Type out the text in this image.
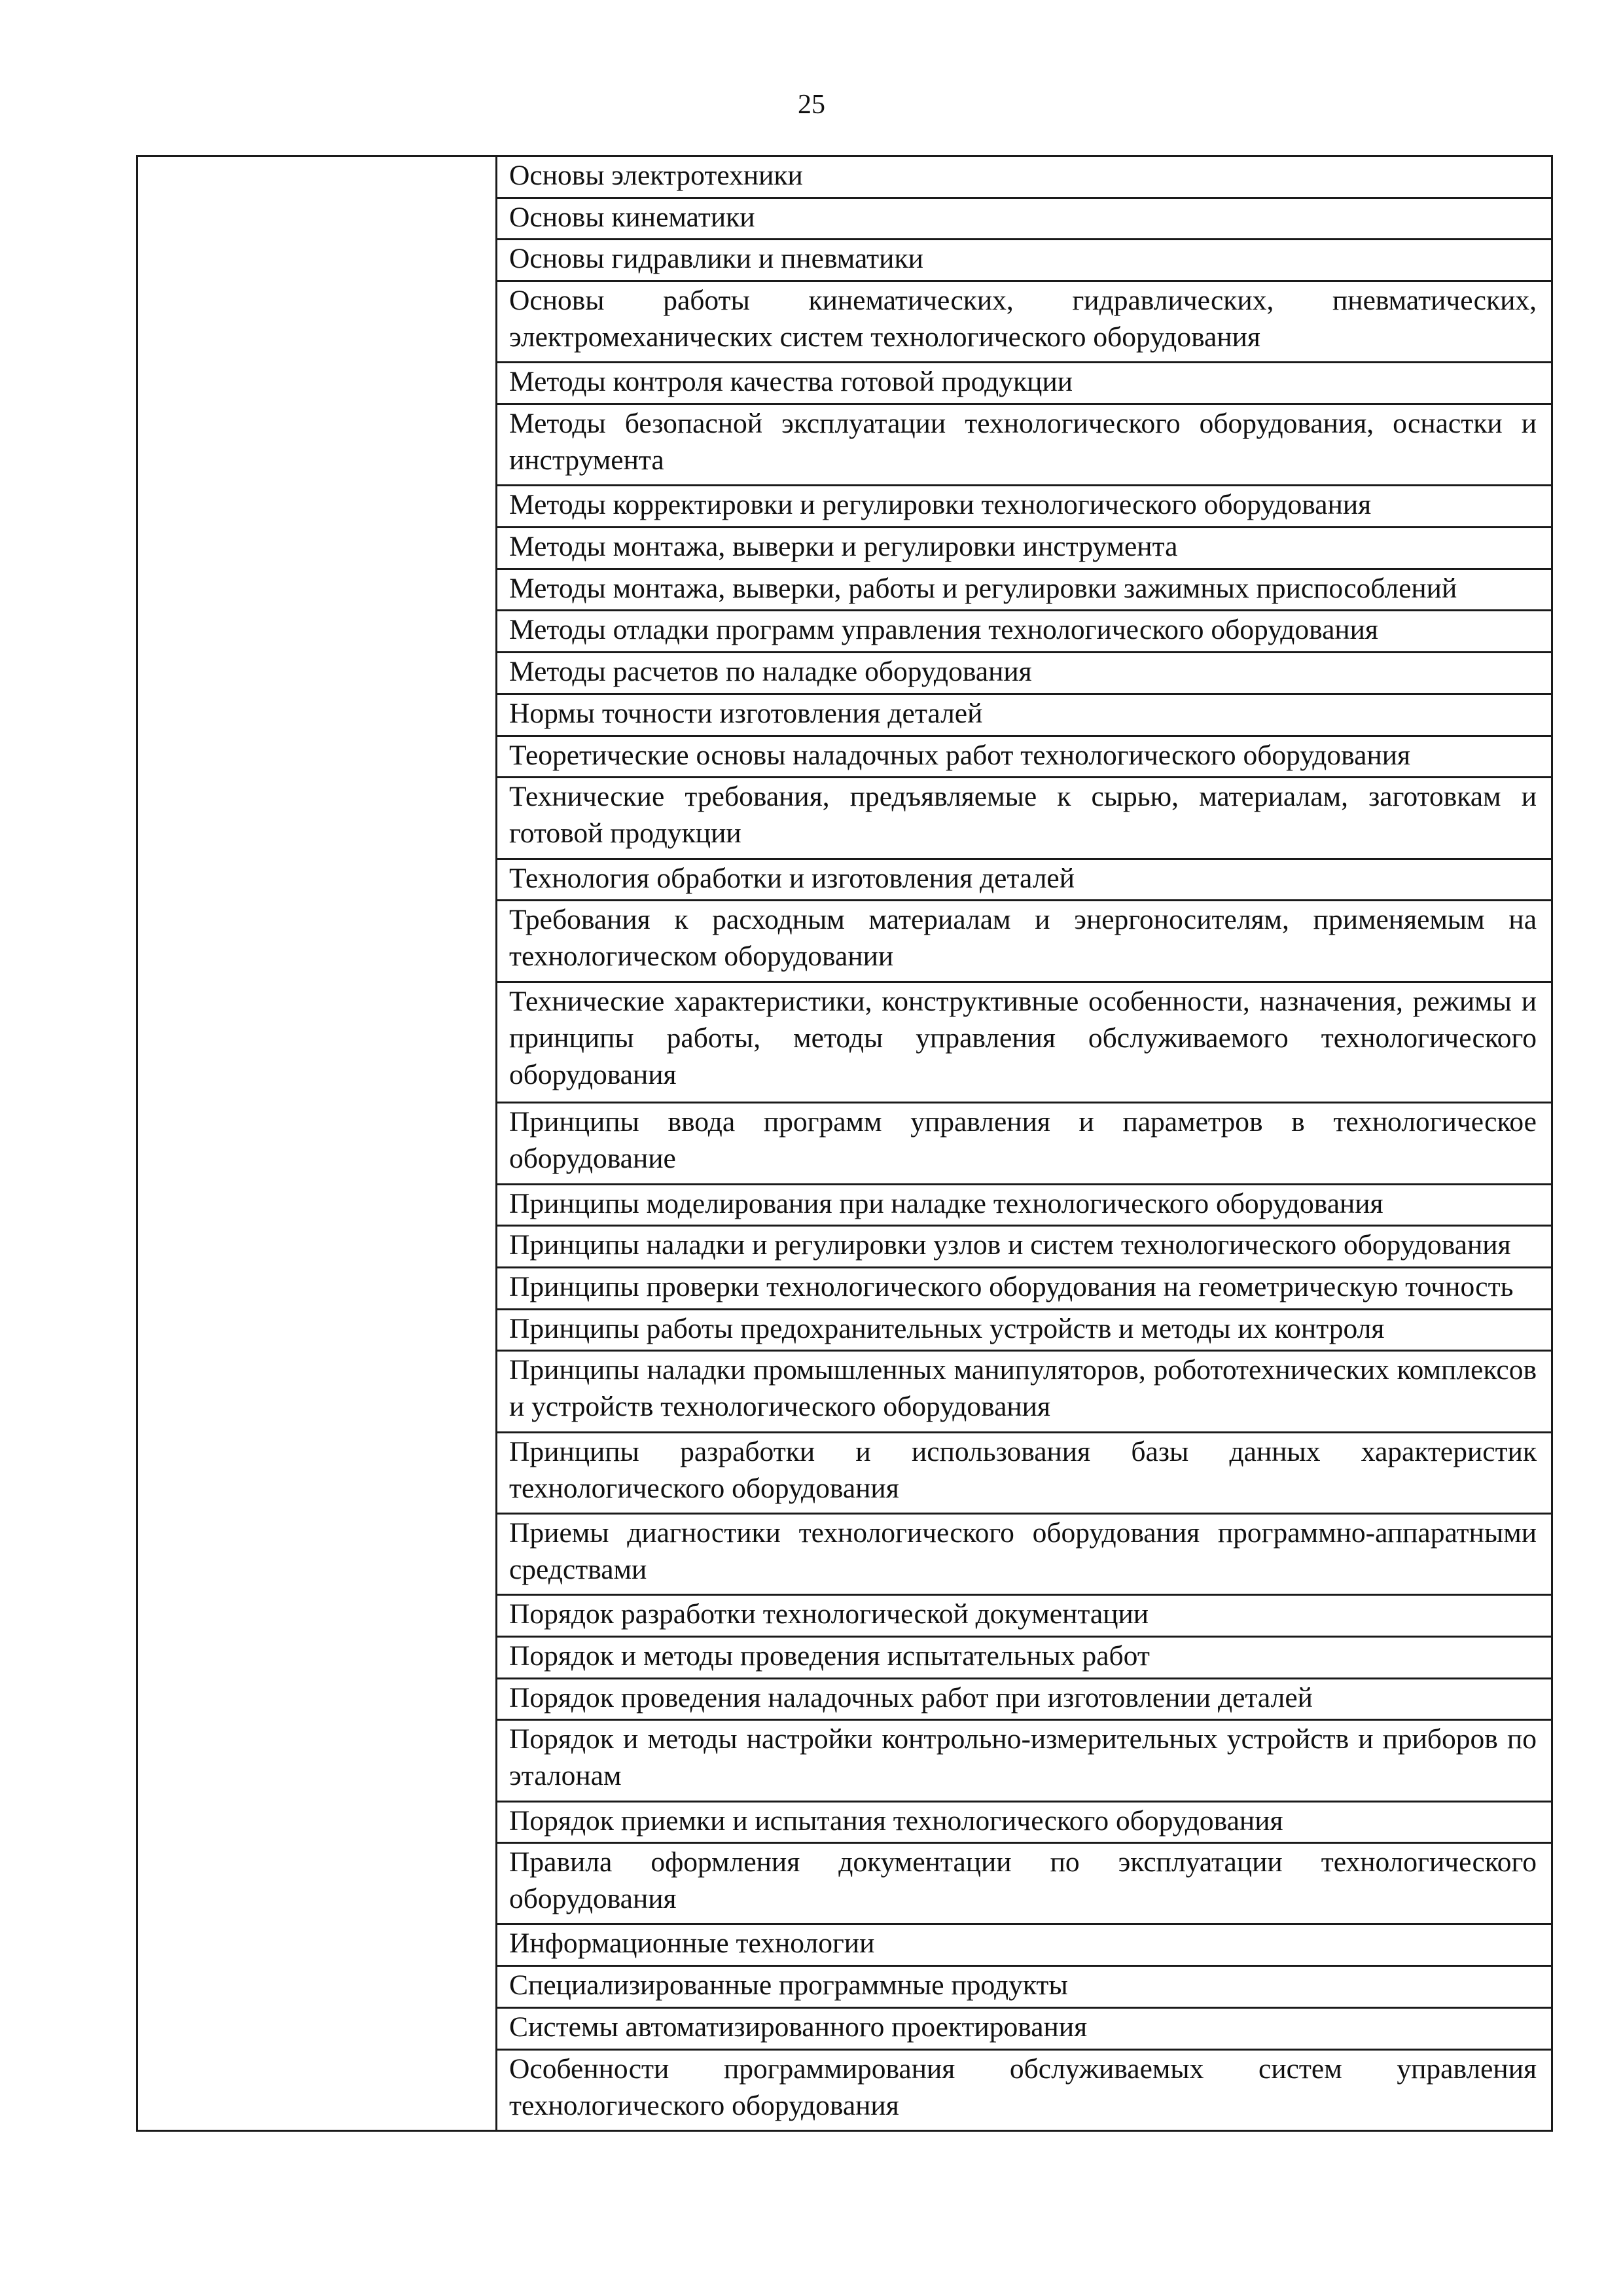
25

Основы электротехники
Основы кинематики
Основы гидравлики и пневматики
Основы работы кинематических, гидравлических, пневматических, электромеханических систем технологического оборудования
Методы контроля качества готовой продукции
Методы безопасной эксплуатации технологического оборудования, оснастки и инструмента
Методы корректировки и регулировки технологического оборудования
Методы монтажа, выверки и регулировки инструмента
Методы монтажа, выверки, работы и регулировки зажимных приспособлений
Методы отладки программ управления технологического оборудования
Методы расчетов по наладке оборудования
Нормы точности изготовления деталей
Теоретические основы наладочных работ технологического оборудования
Технические требования, предъявляемые к сырью, материалам, заготовкам и готовой продукции
Технология обработки и изготовления деталей
Требования к расходным материалам и энергоносителям, применяемым на технологическом оборудовании
Технические характеристики, конструктивные особенности, назначения, режимы и принципы работы, методы управления обслуживаемого технологического оборудования
Принципы ввода программ управления и параметров в технологическое оборудование
Принципы моделирования при наладке технологического оборудования
Принципы наладки и регулировки узлов и систем технологического оборудования
Принципы проверки технологического оборудования на геометрическую точность
Принципы работы предохранительных устройств и методы их контроля
Принципы наладки промышленных манипуляторов, робототехнических комплексов и устройств технологического оборудования
Принципы разработки и использования базы данных характеристик технологического оборудования
Приемы диагностики технологического оборудования программно-аппаратными средствами
Порядок разработки технологической документации
Порядок и методы проведения испытательных работ
Порядок проведения наладочных работ при изготовлении деталей
Порядок и методы настройки контрольно-измерительных устройств и приборов по эталонам
Порядок приемки и испытания технологического оборудования
Правила оформления документации по эксплуатации технологического оборудования
Информационные технологии
Специализированные программные продукты
Системы автоматизированного проектирования
Особенности программирования обслуживаемых систем управления технологического оборудования
